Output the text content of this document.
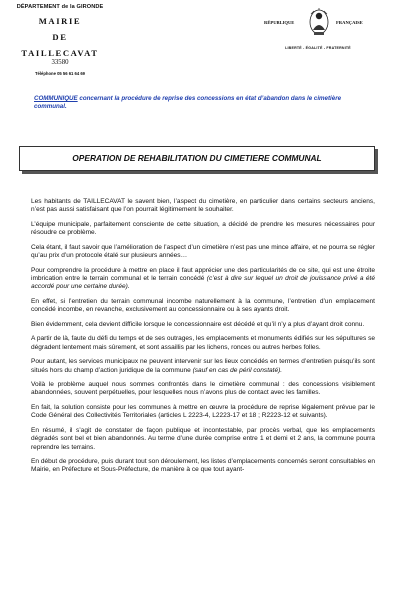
DÉPARTEMENT de la GIRONDE
MAIRIE
DE
TAILLECAVAT
33580
Téléphone 05 56 61 64 69
RÉPUBLIQUE	FRANÇAISE
LIBERTÉ - ÉGALITÉ - FRATERNITÉ
COMMUNIQUE concernant la procédure de reprise des concessions en état d’abandon dans le cimetière communal.
OPERATION DE REHABILITATION DU CIMETIERE COMMUNAL

Les habitants de TAILLECAVAT le savent bien, l’aspect du cimetière, en particulier dans certains secteurs anciens, n’est pas aussi satisfaisant que l’on pourrait légitimement le souhaiter.

L’équipe municipale, parfaitement consciente de cette situation, a décidé de prendre les mesures nécessaires pour résoudre ce problème.

Cela étant, il faut savoir que l’amélioration de l’aspect d’un cimetière n’est pas une mince affaire, et ne pourra se régler qu’au prix d’un protocole étalé sur plusieurs années…

Pour comprendre la procédure à mettre en place il faut apprécier une des particularités de ce site, qui est une étroite imbrication entre le terrain communal et le terrain concédé (c’est à dire sur lequel un droit de jouissance privé a été accordé pour une certaine durée).

En effet, si l’entretien du terrain communal incombe naturellement à la commune, l’entretien d’un emplacement concédé incombe, en revanche, exclusivement au concessionnaire ou à ses ayants droit.

Bien évidemment, cela devient difficile lorsque le concessionnaire est décédé et qu’il n’y a plus d’ayant droit connu.

A partir de là, faute du défi du temps et de ses outrages, les emplacements et monuments édifiés sur les sépultures se dégradent lentement mais sûrement, et sont assaillis par les lichens, ronces ou autres herbes folles.

Pour autant, les services municipaux ne peuvent intervenir sur les lieux concédés en termes d’entretien puisqu’ils sont situés hors du champ d’action juridique de la commune (sauf en cas de péril constaté).

Voilà le problème auquel nous sommes confrontés dans le cimetière communal : des concessions visiblement abandonnées, souvent perpétuelles, pour lesquelles nous n’avons plus de contact avec les familles.

En fait, la solution consiste pour les communes à mettre en œuvre la procédure de reprise légalement prévue par le Code Général des Collectivités Territoriales (articles L 2223-4, L2223-17 et 18 ; R2223-12 et suivants).

En résumé, il s’agit de constater de façon publique et incontestable, par procès verbal, que les emplacements dégradés sont bel et bien abandonnés. Au terme d’une durée comprise entre 1 et demi et 2 ans, la commune pourra reprendre les terrains.

En début de procédure, puis durant tout son déroulement, les listes d’emplacements concernés seront consultables en Mairie, en Préfecture et Sous-Préfecture, de manière à ce que tout ayant-
